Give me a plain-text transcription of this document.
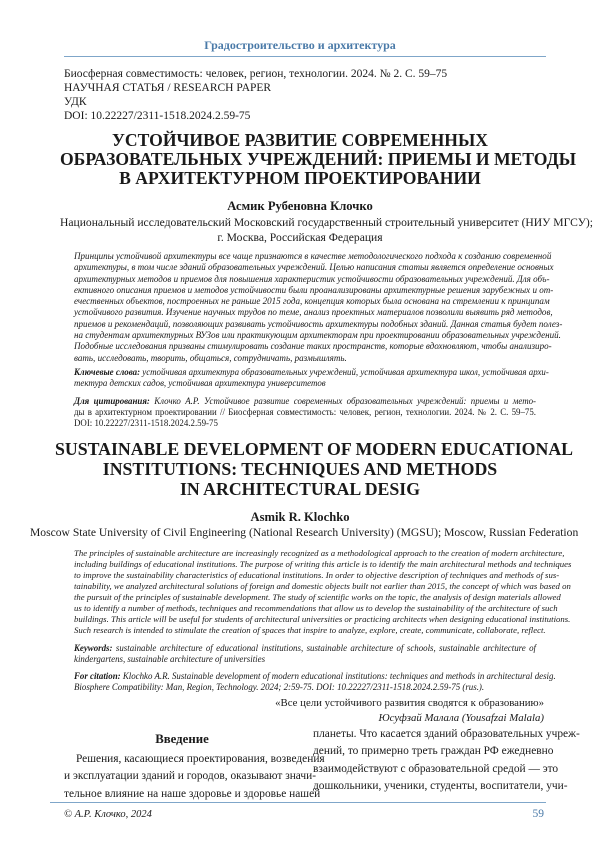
Градостроительство и архитектура
Биосферная совместимость: человек, регион, технологии. 2024. № 2. С. 59–75
НАУЧНАЯ СТАТЬЯ / RESEARCH PAPER
УДК
DOI: 10.22227/2311-1518.2024.2.59-75
УСТОЙЧИВОЕ РАЗВИТИЕ СОВРЕМЕННЫХ
ОБРАЗОВАТЕЛЬНЫХ УЧРЕЖДЕНИЙ: ПРИЕМЫ И МЕТОДЫ
В АРХИТЕКТУРНОМ ПРОЕКТИРОВАНИИ
Асмик Рубеновна Клочко
Национальный исследовательский Московский государственный строительный университет (НИУ МГСУ);
г. Москва, Российская Федерация
Принципы устойчивой архитектуры все чаще признаются в качестве методологического подхода к созданию современной
архитектуры, в том числе зданий образовательных учреждений. Целью написания статьи является определение основных
архитектурных методов и приемов для повышения характеристик устойчивости образовательных учреждений. Для объ-
ективного описания приемов и методов устойчивости были проанализированы архитектурные решения зарубежных и от-
ечественных объектов, построенных не раньше 2015 года, концепция которых была основана на стремлении к принципам
устойчивого развития. Изучение научных трудов по теме, анализ проектных материалов позволили выявить ряд методов,
приемов и рекомендаций, позволяющих развивать устойчивость архитектуры подобных зданий. Данная статья будет полез-
на студентам архитектурных ВУЗов или практикующим архитекторам при проектировании образовательных учреждений.
Подобные исследования призваны стимулировать создание таких пространств, которые вдохновляют, чтобы анализиро-
вать, исследовать, творить, общаться, сотрудничать, размышлять.
Ключевые слова: устойчивая архитектура образовательных учреждений, устойчивая архитектура школ, устойчивая архи-
тектура детских садов, устойчивая архитектура университетов
Для цитирования: Клочко А.Р. Устойчивое развитие современных образовательных учреждений: приемы и мето-
ды в архитектурном проектировании // Биосферная совместимость: человек, регион, технологии. 2024. № 2. С. 59–75.
DOI: 10.22227/2311-1518.2024.2.59-75
SUSTAINABLE DEVELOPMENT OF MODERN EDUCATIONAL
INSTITUTIONS: TECHNIQUES AND METHODS
IN ARCHITECTURAL DESIG
Asmik R. Klochko
Moscow State University of Civil Engineering (National Research University) (MGSU); Moscow, Russian Federation
The principles of sustainable architecture are increasingly recognized as a methodological approach to the creation of modern architecture,
including buildings of educational institutions. The purpose of writing this article is to identify the main architectural methods and techniques
to improve the sustainability characteristics of educational institutions. In order to objective description of techniques and methods of sus-
tainability, we analyzed architectural solutions of foreign and domestic objects built not earlier than 2015, the concept of which was based on
the pursuit of the principles of sustainable development. The study of scientific works on the topic, the analysis of design materials allowed
us to identify a number of methods, techniques and recommendations that allow us to develop the sustainability of the architecture of such
buildings. This article will be useful for students of architectural universities or practicing architects when designing educational institutions.
Such research is intended to stimulate the creation of spaces that inspire to analyze, explore, create, communicate, collaborate, reflect.
Keywords: sustainable architecture of educational institutions, sustainable architecture of schools, sustainable architecture of
kindergartens, sustainable architecture of universities
For citation: Klochko A.R. Sustainable development of modern educational institutions: techniques and methods in architectural desig.
Biosphere Compatibility: Man, Region, Technology. 2024; 2:59-75. DOI: 10.22227/2311-1518.2024.2.59-75 (rus.).
«Все цели устойчивого развития сводятся к образованию»
Юсуфзай Малала (Yousafzai Malala)
Введение
Решения, касающиеся проектирования, возведения
и эксплуатации зданий и городов, оказывают значи-
тельное влияние на наше здоровье и здоровье нашей
планеты. Что касается зданий образовательных учреж-
дений, то примерно треть граждан РФ ежедневно
взаимодействуют с образовательной средой — это
дошкольники, ученики, студенты, воспитатели, учи-
© А.Р. Клочко, 2024	59
